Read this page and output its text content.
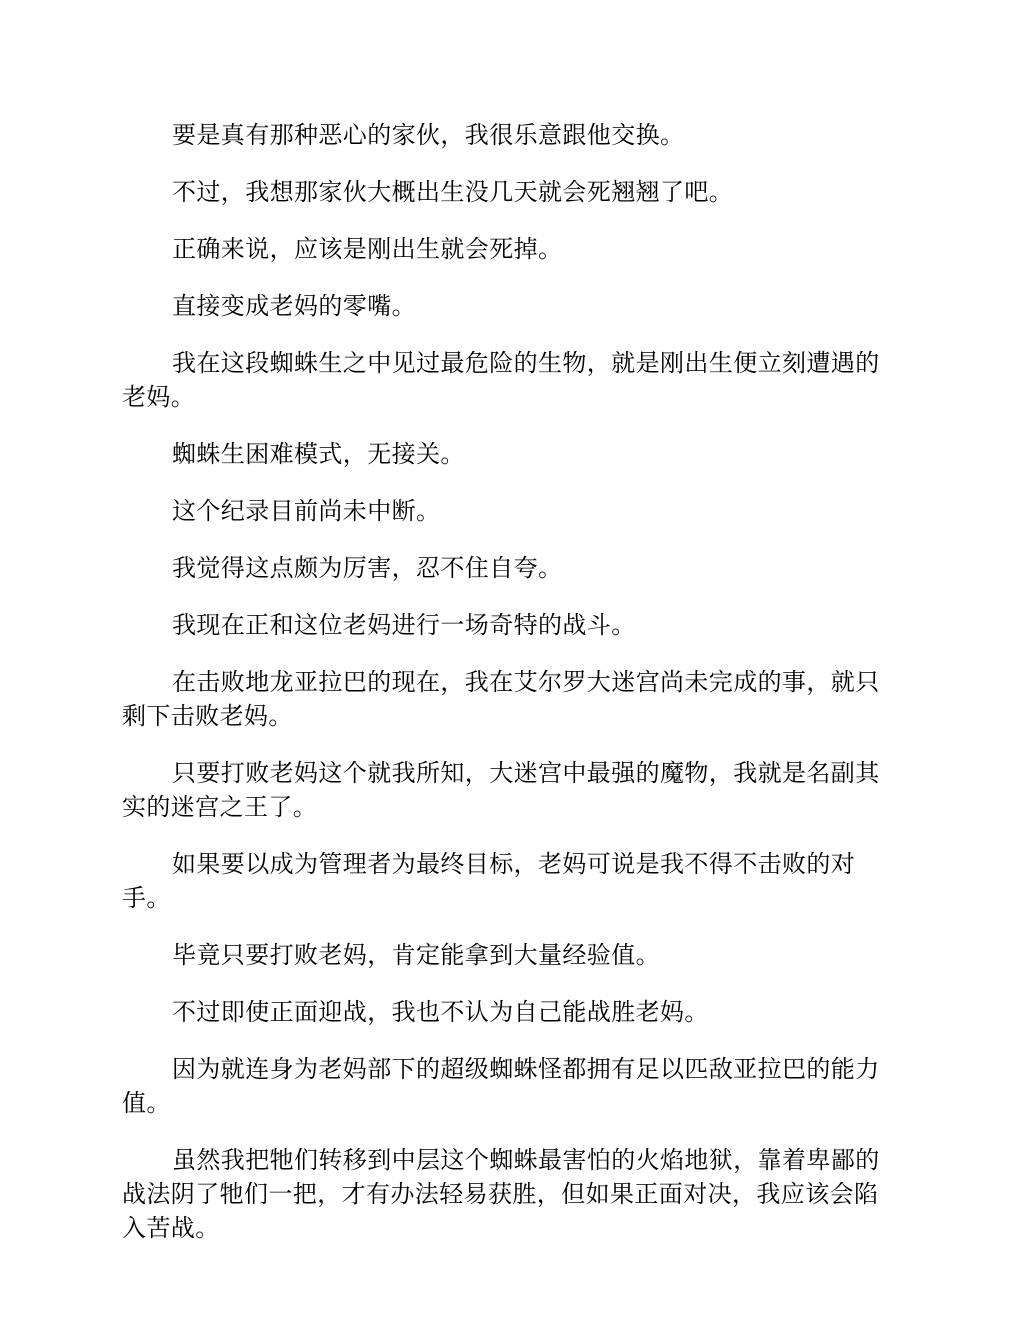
要是真有那种恶心的家伙，我很乐意跟他交换。

不过，我想那家伙大概出生没几天就会死翘翘了吧。

正确来说，应该是刚出生就会死掉。

直接变成老妈的零嘴。

我在这段蜘蛛生之中见过最危险的生物，就是刚出生便立刻遭遇的老妈。

蜘蛛生困难模式，无接关。

这个纪录目前尚未中断。

我觉得这点颇为厉害，忍不住自夸。

我现在正和这位老妈进行一场奇特的战斗。

在击败地龙亚拉巴的现在，我在艾尔罗大迷宫尚未完成的事，就只剩下击败老妈。

只要打败老妈这个就我所知，大迷宫中最强的魔物，我就是名副其实的迷宫之王了。

如果要以成为管理者为最终目标，老妈可说是我不得不击败的对手。

毕竟只要打败老妈，肯定能拿到大量经验值。

不过即使正面迎战，我也不认为自己能战胜老妈。

因为就连身为老妈部下的超级蜘蛛怪都拥有足以匹敌亚拉巴的能力值。

虽然我把牠们转移到中层这个蜘蛛最害怕的火焰地狱，靠着卑鄙的战法阴了牠们一把，才有办法轻易获胜，但如果正面对决，我应该会陷入苦战。
